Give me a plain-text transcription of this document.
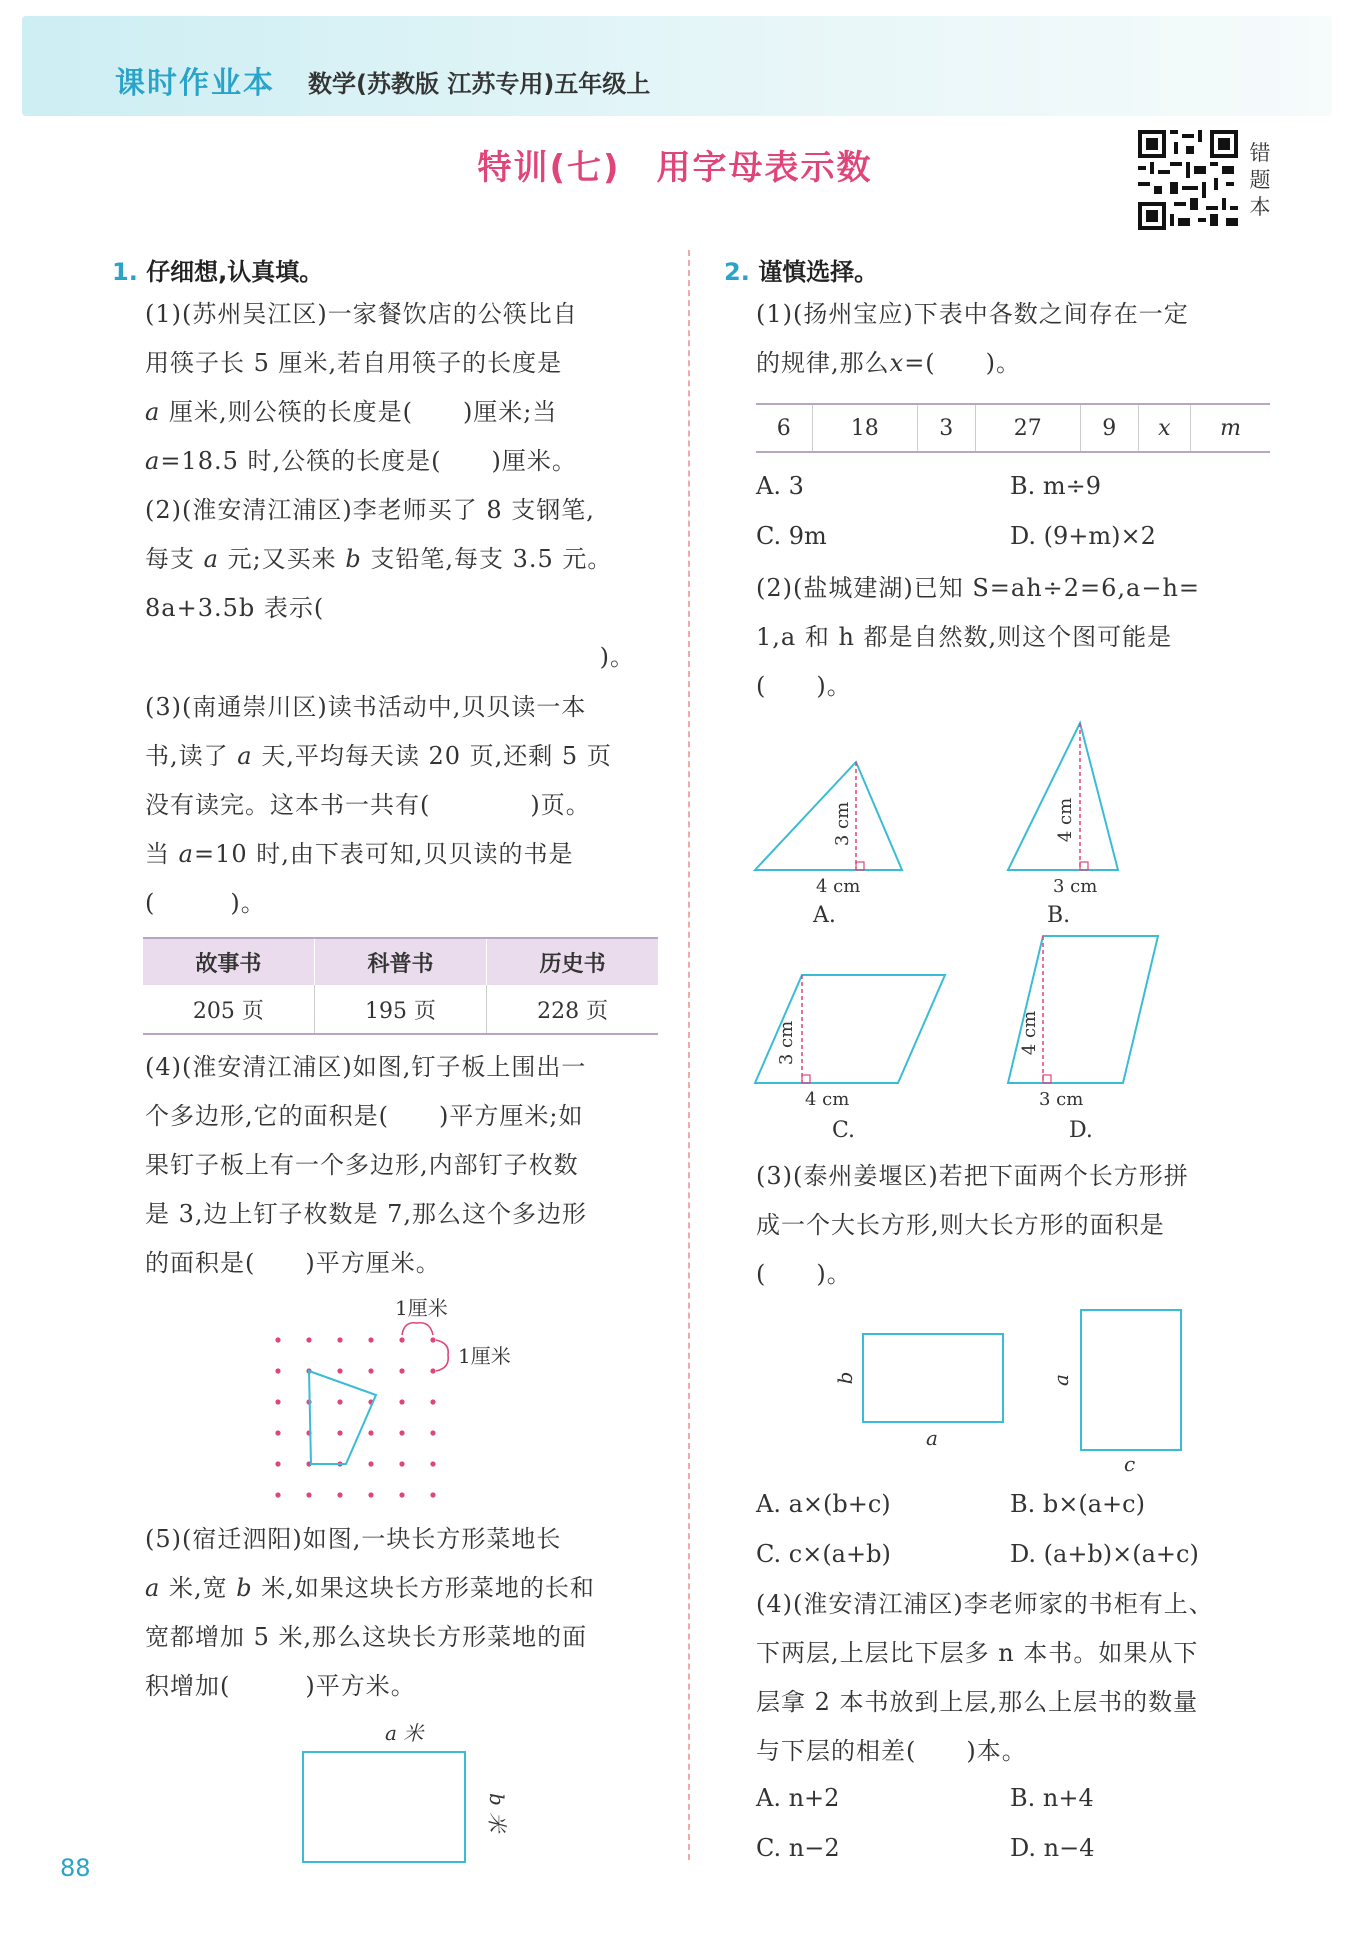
课时作业本 数学(苏教版 江苏专用)五年级上
特训(七)　用字母表示数	错
题
本
1. 仔细想,认真填。
(1)(苏州吴江区)一家餐饮店的公筷比自
用筷子长 5 厘米,若自用筷子的长度是
a 厘米,则公筷的长度是(　　)厘米;当
a=18.5 时,公筷的长度是(　　)厘米。
(2)(淮安清江浦区)李老师买了 8 支钢笔,
每支 a 元;又买来 b 支铅笔,每支 3.5 元。
8a+3.5b 表示(
)。
(3)(南通崇川区)读书活动中,贝贝读一本
书,读了 a 天,平均每天读 20 页,还剩 5 页
没有读完。这本书一共有(　　　　)页。
当 a=10 时,由下表可知,贝贝读的书是
(　　　)。
故事书	科普书	历史书
205 页	195 页	228 页
(4)(淮安清江浦区)如图,钉子板上围出一
个多边形,它的面积是(　　)平方厘米;如
果钉子板上有一个多边形,内部钉子枚数
是 3,边上钉子枚数是 7,那么这个多边形
的面积是(　　)平方厘米。
1厘米
1厘米
(5)(宿迁泗阳)如图,一块长方形菜地长
a 米,宽 b 米,如果这块长方形菜地的长和
宽都增加 5 米,那么这块长方形菜地的面
积增加(　　　)平方米。
a 米
b 米
88
2. 谨慎选择。
(1)(扬州宝应)下表中各数之间存在一定
的规律,那么x=(　　)。
6	18	3	27	9	x	m
A. 3	B. m÷9
C. 9m	D. (9+m)×2
(2)(盐城建湖)已知 S=ah÷2=6,a−h=
1,a 和 h 都是自然数,则这个图可能是
(　　)。
3 cm
4 cm
A.
4 cm
3 cm
B.
3 cm
4 cm
C.
4 cm
3 cm
D.
(3)(泰州姜堰区)若把下面两个长方形拼
成一个大长方形,则大长方形的面积是
(　　)。
b
a
a
c
A. a×(b+c)	B. b×(a+c)
C. c×(a+b)	D. (a+b)×(a+c)
(4)(淮安清江浦区)李老师家的书柜有上、
下两层,上层比下层多 n 本书。如果从下
层拿 2 本书放到上层,那么上层书的数量
与下层的相差(　　)本。
A. n+2	B. n+4
C. n−2	D. n−4
